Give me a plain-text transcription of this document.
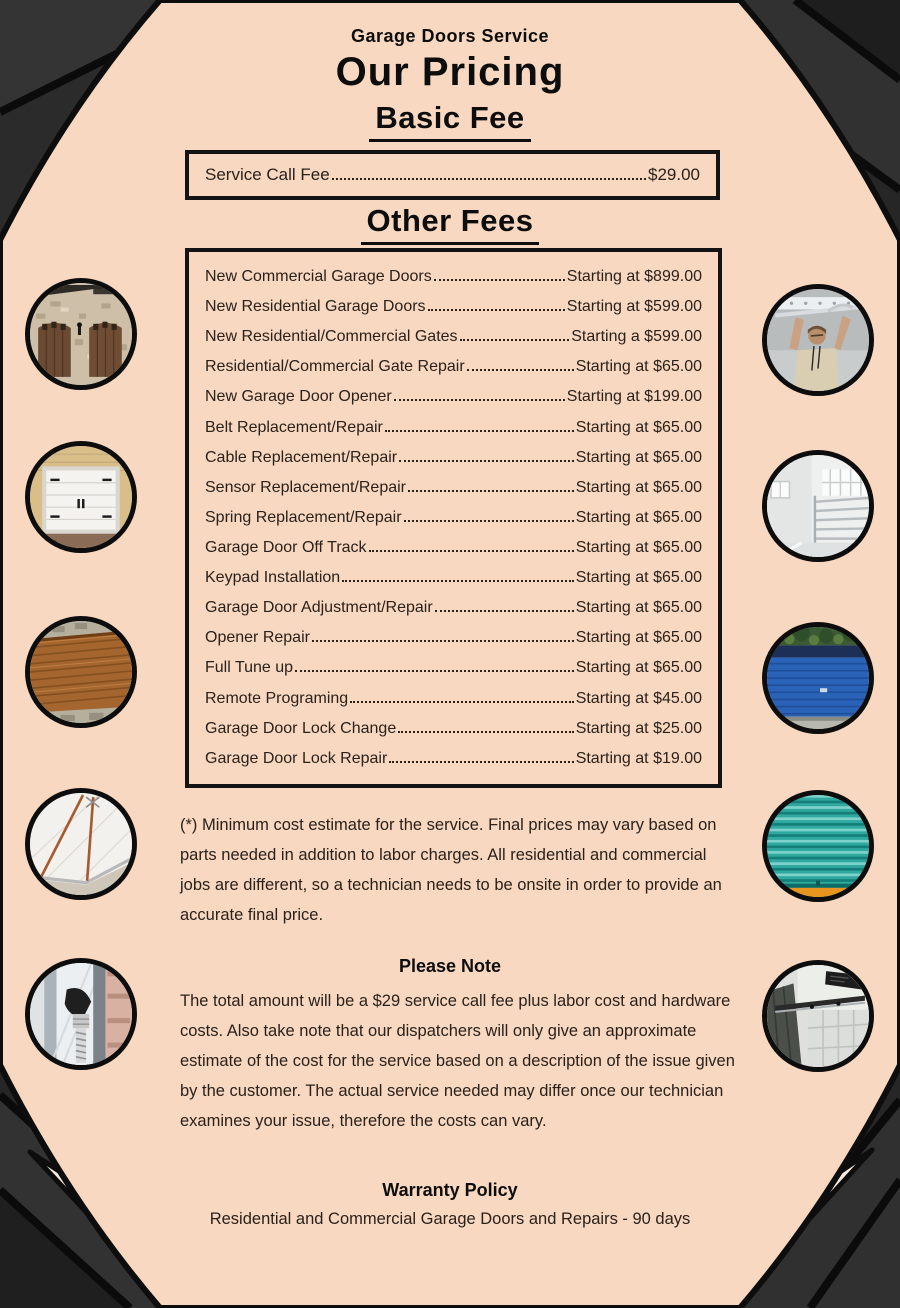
Garage Doors Service
Our Pricing
Basic Fee
Service Call Fee	$29.00
Other Fees
New Commercial Garage Doors	Starting at $899.00
New Residential Garage Doors	Starting at $599.00
New Residential/Commercial Gates	Starting a $599.00
Residential/Commercial Gate Repair	Starting at $65.00
New Garage Door Opener	Starting at $199.00
Belt Replacement/Repair	Starting at $65.00
Cable Replacement/Repair	Starting at $65.00
Sensor Replacement/Repair	Starting at $65.00
Spring Replacement/Repair	Starting at $65.00
Garage Door Off Track	Starting at $65.00
Keypad Installation	Starting at $65.00
Garage Door Adjustment/Repair	Starting at $65.00
Opener Repair	Starting at $65.00
Full Tune up	Starting at $65.00
Remote Programing	Starting at $45.00
Garage Door Lock Change	Starting at $25.00
Garage Door Lock Repair	Starting at $19.00
(*) Minimum cost estimate for the service. Final prices may vary based on parts needed in addition to labor charges. All residential and commercial jobs are different, so a technician needs to be onsite in order to provide an accurate final price.
Please Note
The total amount will be a $29 service call fee plus labor cost and hardware costs. Also take note that our dispatchers will only give an approximate estimate of the cost for the service based on a description of the issue given by the customer. The actual service needed may differ once our technician examines your issue, therefore the costs can vary.
Warranty Policy
Residential and Commercial Garage Doors and Repairs - 90 days
